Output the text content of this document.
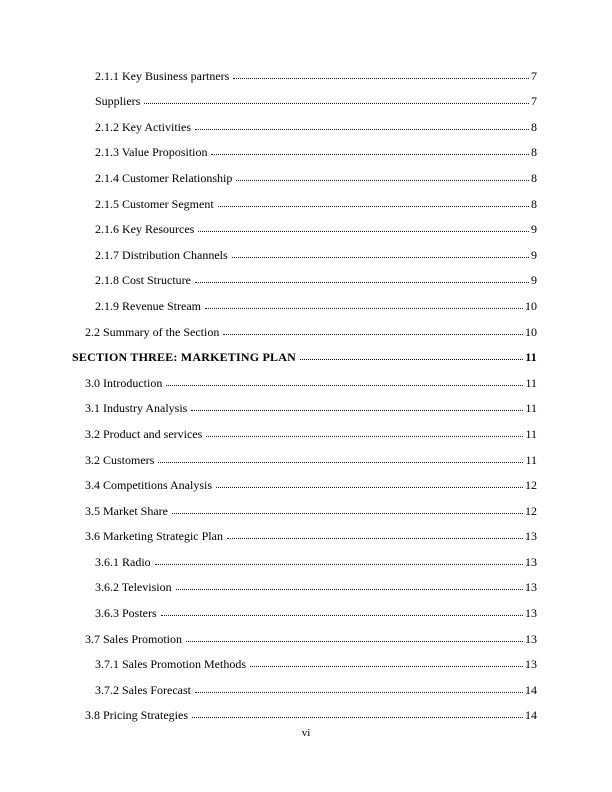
2.1.1 Key Business partners	7
Suppliers	7
2.1.2 Key Activities	8
2.1.3 Value Proposition	8
2.1.4 Customer Relationship	8
2.1.5 Customer Segment	8
2.1.6 Key Resources	9
2.1.7 Distribution Channels	9
2.1.8 Cost Structure	9
2.1.9 Revenue Stream	10
2.2 Summary of the Section	10
SECTION THREE: MARKETING PLAN	11
3.0 Introduction	11
3.1 Industry Analysis	11
3.2 Product and services	11
3.2 Customers	11
3.4 Competitions Analysis	12
3.5 Market Share	12
3.6 Marketing Strategic Plan	13
3.6.1 Radio	13
3.6.2 Television	13
3.6.3 Posters	13
3.7 Sales Promotion	13
3.7.1 Sales Promotion Methods	13
3.7.2 Sales Forecast	14
3.8 Pricing Strategies	14
vi
